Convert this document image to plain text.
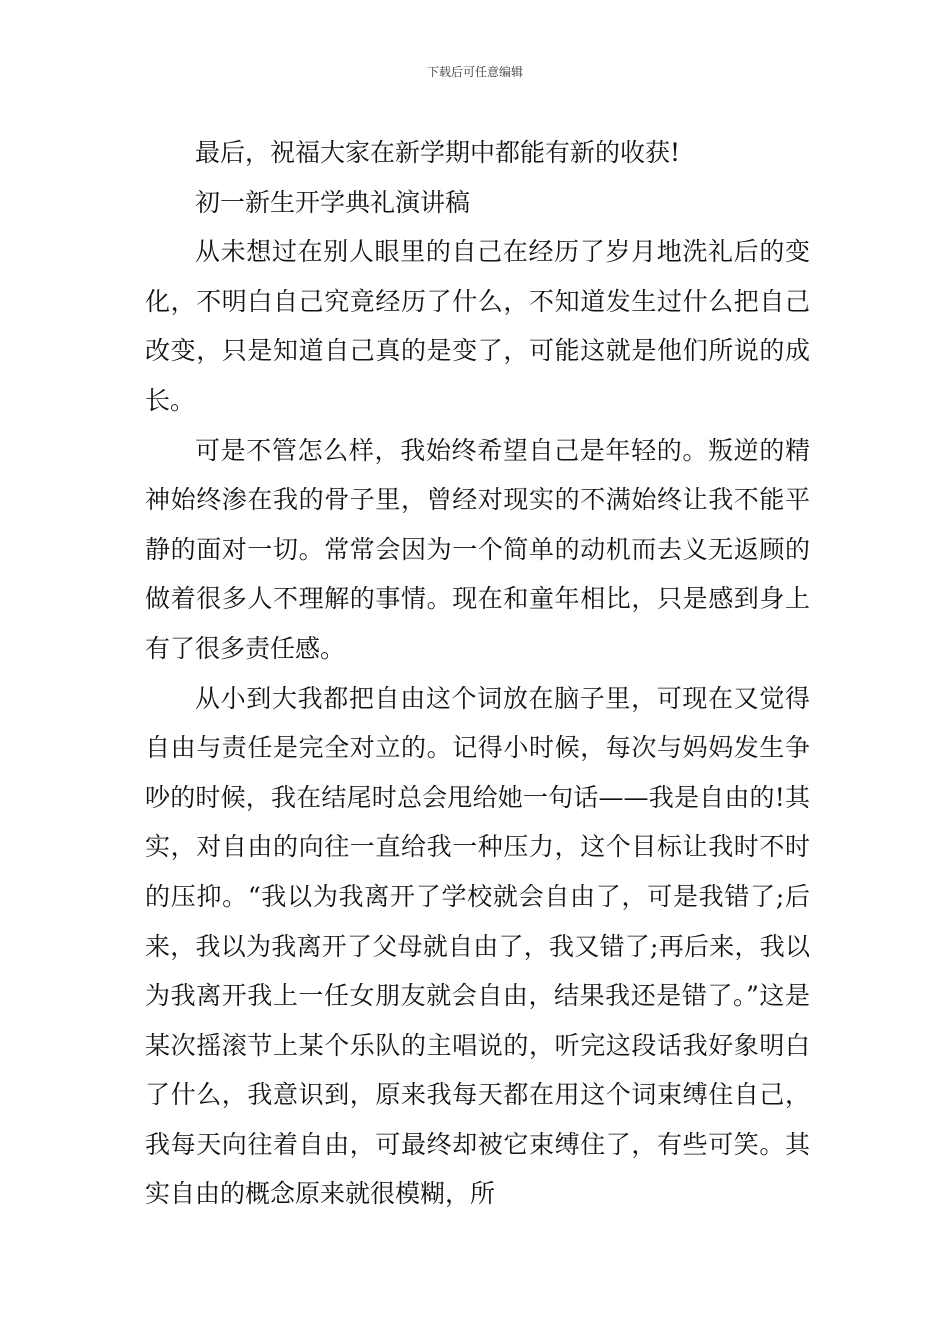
下载后可任意编辑

最后，祝福大家在新学期中都能有新的收获!

初一新生开学典礼演讲稿

从未想过在别人眼里的自己在经历了岁月地洗礼后的变化，不明白自己究竟经历了什么，不知道发生过什么把自己改变，只是知道自己真的是变了，可能这就是他们所说的成长。

可是不管怎么样，我始终希望自己是年轻的。叛逆的精神始终渗在我的骨子里，曾经对现实的不满始终让我不能平静的面对一切。常常会因为一个简单的动机而去义无返顾的做着很多人不理解的事情。现在和童年相比，只是感到身上有了很多责任感。

从小到大我都把自由这个词放在脑子里，可现在又觉得自由与责任是完全对立的。记得小时候，每次与妈妈发生争吵的时候，我在结尾时总会甩给她一句话——我是自由的!其实，对自由的向往一直给我一种压力，这个目标让我时不时的压抑。“我以为我离开了学校就会自由了，可是我错了;后来，我以为我离开了父母就自由了，我又错了;再后来，我以为我离开我上一任女朋友就会自由，结果我还是错了。”这是某次摇滚节上某个乐队的主唱说的，听完这段话我好象明白了什么，我意识到，原来我每天都在用这个词束缚住自己，我每天向往着自由，可最终却被它束缚住了，有些可笑。其实自由的概念原来就很模糊，所
